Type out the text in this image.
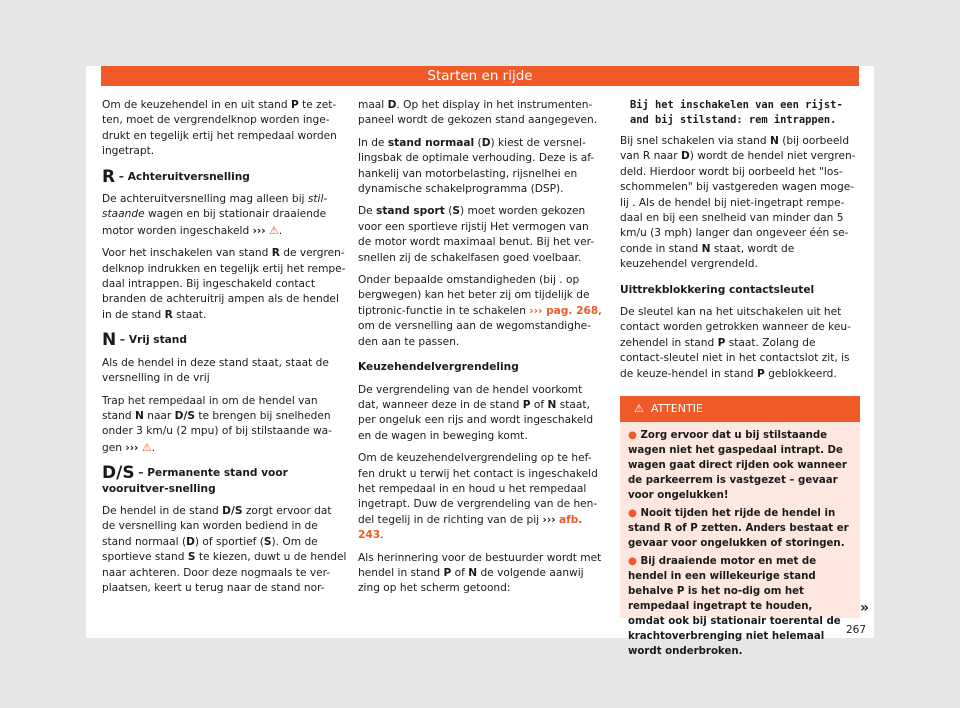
Starten en rijde

Om de keuzehendel in en uit stand P te zet-ten, moet de vergrendelknop worden inge-drukt en tegelijk ertij het rempedaal worden ingetrapt.

R – Achteruitversnelling

De achteruitversnelling mag alleen bij stil-staande wagen en bij stationair draaiende motor worden ingeschakeld ››› ⚠.

Voor het inschakelen van stand R de vergren-delknop indrukken en tegelijk ertij het rempe-daal intrappen. Bij ingeschakeld contact branden de achteruitrij ampen als de hendel in de stand R staat.

N – Vrij stand

Als de hendel in deze stand staat, staat de versnelling in de vrij

Trap het rempedaal in om de hendel van stand N naar D/S te brengen bij snelheden onder 3 km/u (2 mpu) of bij stilstaande wa-gen ››› ⚠.

D/S – Permanente stand voor vooruitver-snelling

De hendel in de stand D/S zorgt ervoor dat de versnelling kan worden bediend in de stand normaal (D) of sportief (S). Om de sportieve stand S te kiezen, duwt u de hendel naar achteren. Door deze nogmaals te ver-plaatsen, keert u terug naar de stand nor-

maal D. Op het display in het instrumenten-paneel wordt de gekozen stand aangegeven.

In de stand normaal (D) kiest de versnel-lingsbak de optimale verhouding. Deze is af-hankelij van motorbelasting, rijsnelhei en dynamische schakelprogramma (DSP).

De stand sport (S) moet worden gekozen voor een sportieve rijstij Het vermogen van de motor wordt maximaal benut. Bij het ver-snellen zij de schakelfasen goed voelbaar.

Onder bepaalde omstandigheden (bij . op bergwegen) kan het beter zij om tijdelijk de tiptronic-functie in te schakelen ››› pag. 268, om de versnelling aan de wegomstandighe-den aan te passen.

Keuzehendelvergrendeling

De vergrendeling van de hendel voorkomt dat, wanneer deze in de stand P of N staat, per ongeluk een rijs and wordt ingeschakeld en de wagen in beweging komt.

Om de keuzehendelvergrendeling op te hef-fen drukt u terwij het contact is ingeschakeld het rempedaal in en houd u het rempedaal ingetrapt. Duw de vergrendeling van de hen-del tegelij in de richting van de pij ››› afb. 243.

Als herinnering voor de bestuurder wordt met hendel in stand P of N de volgende aanwij zing op het scherm getoond:

Bij het inschakelen van een rijst-and bij stilstand: rem intrappen.

Bij snel schakelen via stand N (bij oorbeeld van R naar D) wordt de hendel niet vergren-deld. Hierdoor wordt bij oorbeeld het "los-schommelen" bij vastgereden wagen moge-lij . Als de hendel bij niet-ingetrapt rempe-daal en bij een snelheid van minder dan 5 km/u (3 mph) langer dan ongeveer één se-conde in stand N staat, wordt de keuzehendel vergrendeld.

Uittrekblokkering contactsleutel

De sleutel kan na het uitschakelen uit het contact worden getrokken wanneer de keu-zehendel in stand P staat. Zolang de contact-sleutel niet in het contactslot zit, is de keuze-hendel in stand P geblokkeerd.

⚠ ATTENTIE

● Zorg ervoor dat u bij stilstaande wagen niet het gaspedaal intrapt. De wagen gaat direct rijden ook wanneer de parkeerrem is vastgezet – gevaar voor ongelukken!

● Nooit tijden het rijde de hendel in stand R of P zetten. Anders bestaat er gevaar voor ongelukken of storingen.

● Bij draaiende motor en met de hendel in een willekeurige stand behalve P is het no-dig om het rempedaal ingetrapt te houden, omdat ook bij stationair toerental de krachtoverbrenging niet helemaal wordt onderbroken.

»
267
